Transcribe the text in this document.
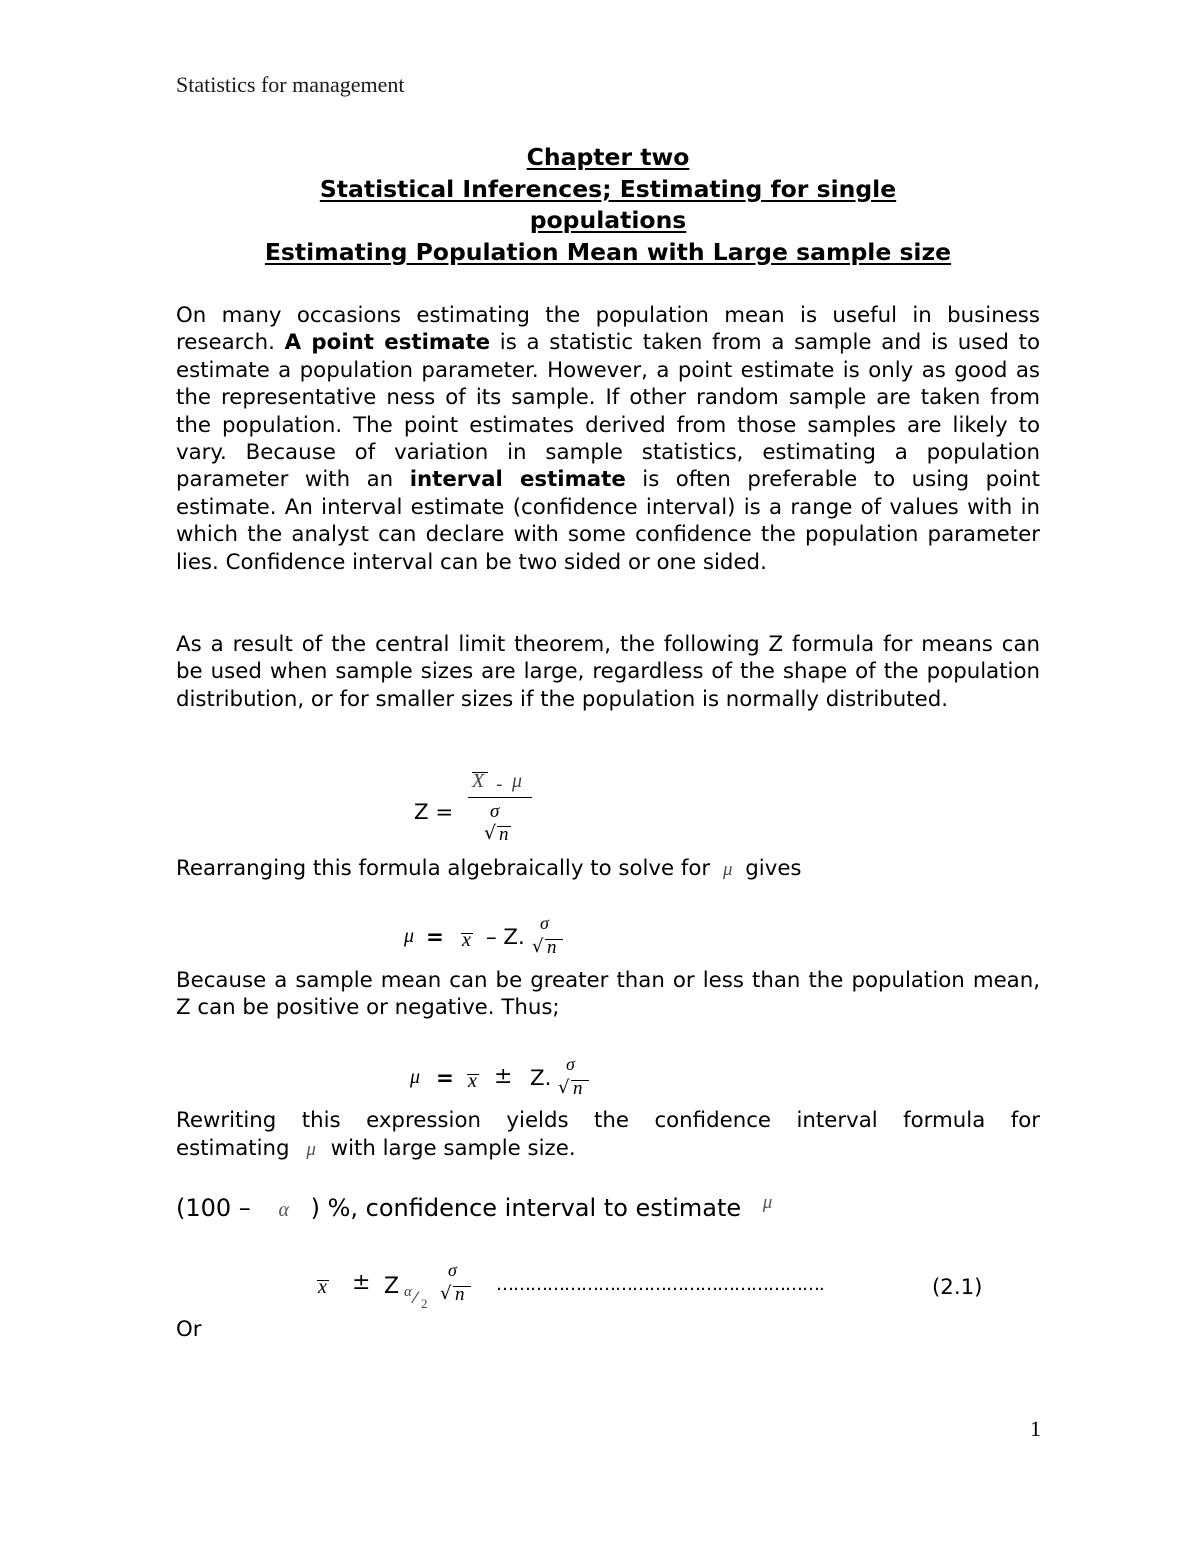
Statistics for management
Chapter two
Statistical Inferences; Estimating for single
populations
Estimating Population Mean with Large sample size
On many occasions estimating the population mean is useful in business research. A point estimate is a statistic taken from a sample and is used to estimate a population parameter. However, a point estimate is only as good as the representative ness of its sample. If other random sample are taken from the population. The point estimates derived from those samples are likely to vary. Because of variation in sample statistics, estimating a population parameter with an interval estimate is often preferable to using point estimate. An interval estimate (confidence interval) is a range of values with in which the analyst can declare with some confidence the population parameter lies. Confidence interval can be two sided or one sided.
As a result of the central limit theorem, the following Z formula for means can be used when sample sizes are large, regardless of the shape of the population distribution, or for smaller sizes if the population is normally distributed.
Z =
X - μ
σ
√ n
Rearranging this formula algebraically to solve for μ gives
μ = x – Z.
σ
√ n
Because a sample mean can be greater than or less than the population mean, Z can be positive or negative. Thus;
μ = x ± Z.
σ
√ n
Rewriting this expression yields the confidence interval formula for
estimating μ with large sample size.
(100 – α ) %, confidence interval to estimate $^\mu$
x ± Z α ⁄ 2
σ
√ n ………………………………………………….	(2.1)
Or
1
